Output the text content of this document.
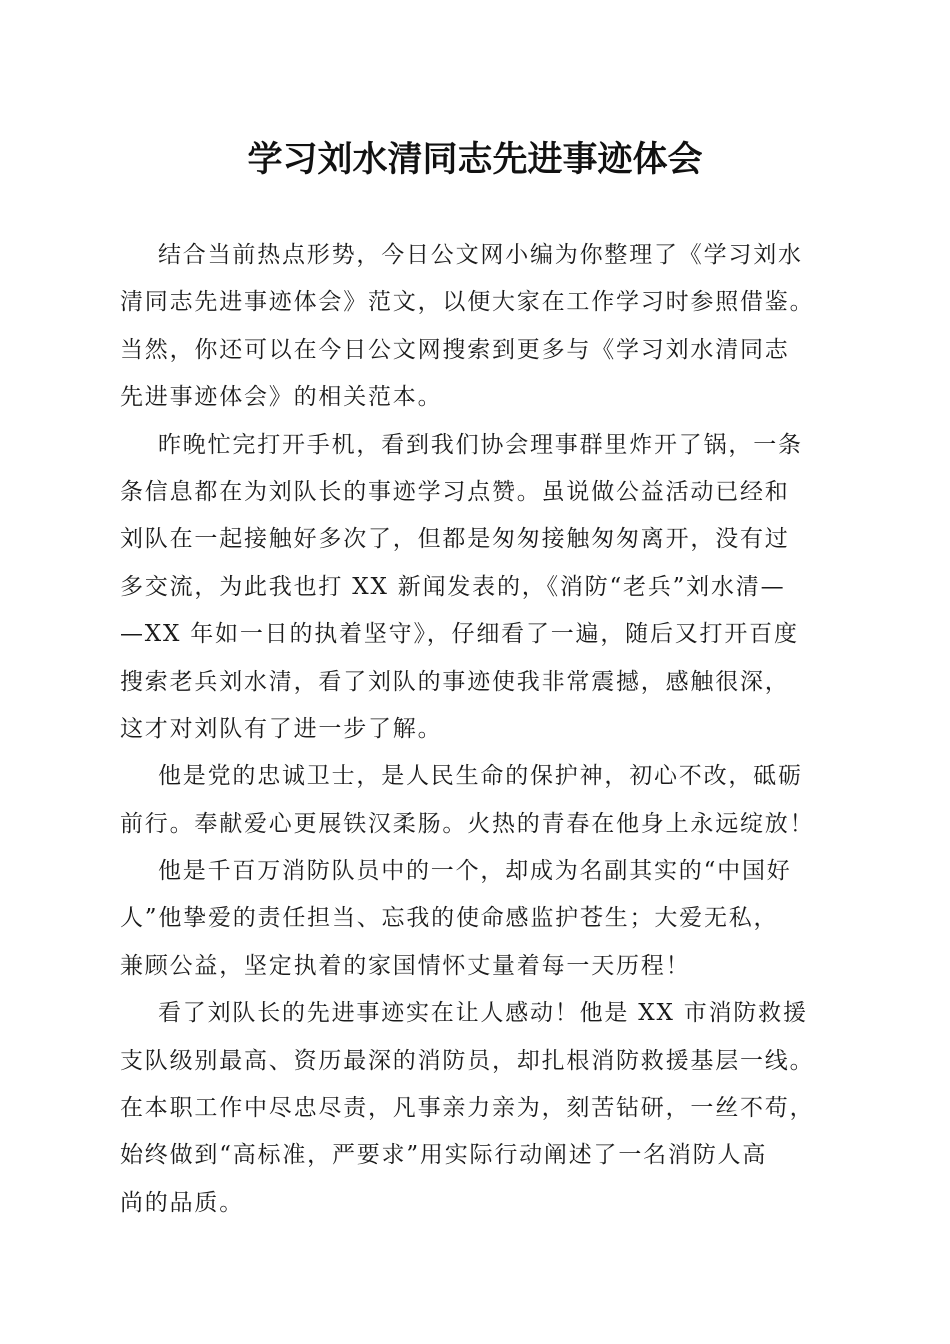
学习刘水清同志先进事迹体会
结合当前热点形势，今日公文网小编为你整理了《学习刘水
清同志先进事迹体会》范文，以便大家在工作学习时参照借鉴。
当然，你还可以在今日公文网搜索到更多与《学习刘水清同志
先进事迹体会》的相关范本。
昨晚忙完打开手机，看到我们协会理事群里炸开了锅，一条
条信息都在为刘队长的事迹学习点赞。虽说做公益活动已经和
刘队在一起接触好多次了，但都是匆匆接触匆匆离开，没有过
多交流，为此我也打 XX 新闻发表的，《消防“老兵”刘水清—
—XX 年如一日的执着坚守》，仔细看了一遍，随后又打开百度
搜索老兵刘水清，看了刘队的事迹使我非常震撼，感触很深，
这才对刘队有了进一步了解。
他是党的忠诚卫士，是人民生命的保护神，初心不改，砥砺
前行。奉献爱心更展铁汉柔肠。火热的青春在他身上永远绽放！
他是千百万消防队员中的一个，却成为名副其实的“中国好
人”他挚爱的责任担当、忘我的使命感监护苍生；大爱无私，
兼顾公益，坚定执着的家国情怀丈量着每一天历程！
看了刘队长的先进事迹实在让人感动！他是 XX 市消防救援
支队级别最高、资历最深的消防员，却扎根消防救援基层一线。
在本职工作中尽忠尽责，凡事亲力亲为，刻苦钻研，一丝不苟，
始终做到“高标准，严要求”用实际行动阐述了一名消防人高
尚的品质。
